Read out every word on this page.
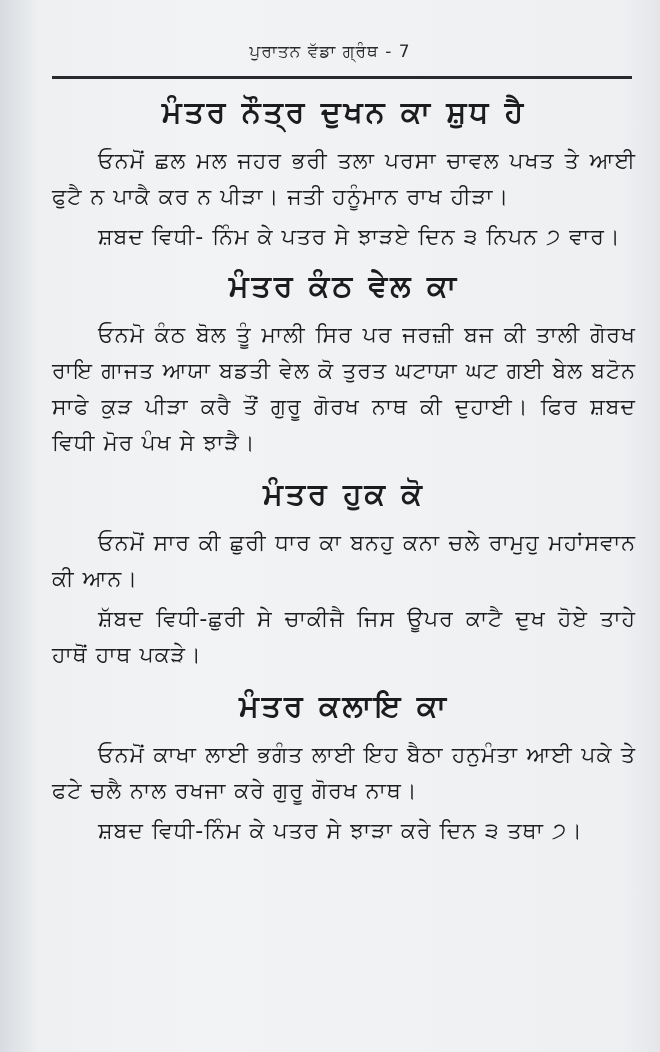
ਪੁਰਾਤਨ ਵੱਡਾ ਗ੍ਰੰਥ - 7
ਮੰਤਰ ਨੌਤ੍ਰ ਦੁਖਨ ਕਾ ਸ਼ੁਧ ਹੈ

ਓਨਮੋਂ ਛਲ ਮਲ ਜਹਰ ਭਰੀ ਤਲਾ ਪਰਸਾ ਚਾਵਲ ਪਖਤ ਤੇ ਆਈ ਫੁਟੈ ਨ ਪਾਕੈ ਕਰ ਨ ਪੀੜਾ। ਜਤੀ ਹਨੂੰਮਾਨ ਰਾਖ ਹੀੜਾ।

ਸ਼ਬਦ ਵਿਧੀ- ਨਿੰਮ ਕੇ ਪਤਰ ਸੇ ਝਾੜਏ ਦਿਨ ੩ ਨਿਪਨ ੭ ਵਾਰ।

ਮੰਤਰ ਕੰਠ ਵੇਲ ਕਾ

ਓਨਮੋ ਕੰਠ ਬੋਲ ਤੂੰ ਮਾਲੀ ਸਿਰ ਪਰ ਜਰਜ਼ੀ ਬਜ ਕੀ ਤਾਲੀ ਗੋਰਖ ਰਾਇ ਗਾਜਤ ਆਯਾ ਬਡਤੀ ਵੇਲ ਕੋ ਤੁਰਤ ਘਟਾਯਾ ਘਟ ਗਈ ਬੇਲ ਬਟੋਨ ਸਾਫੇ ਕੁੜ ਪੀੜਾ ਕਰੈ ਤੌਂ ਗੁਰੂ ਗੋਰਖ ਨਾਥ ਕੀ ਦੁਹਾਈ। ਫਿਰ ਸ਼ਬਦ ਵਿਧੀ ਮੋਰ ਪੰਖ ਸੇ ਝਾੜੈ।

ਮੰਤਰ ਹੁਕ ਕੋ

ਓਨਮੋਂ ਸਾਰ ਕੀ ਛੁਰੀ ਧਾਰ ਕਾ ਬਨਹੁ ਕਨਾ ਚਲੇ ਰਾਮੁਹੁ ਮਹਾਂਸਵਾਨ ਕੀ ਆਨ।

ਸ਼ੱਬਦ ਵਿਧੀ-ਛੁਰੀ ਸੇ ਚਾਕੀਜੈ ਜਿਸ ਊਪਰ ਕਾਟੈ ਦੁਖ ਹੋਏ ਤਾਹੇ ਹਾਥੋਂ ਹਾਥ ਪਕੜੇ।

ਮੰਤਰ ਕਲਾਇ ਕਾ

ਓਨਮੋਂ ਕਾਖਾ ਲਾਈ ਭਗੰਤ ਲਾਈ ਇਹ ਬੈਠਾ ਹਨੁਮੰਤਾ ਆਈ ਪਕੇ ਤੇ ਫਟੇ ਚਲੈ ਨਾਲ ਰਖਜਾ ਕਰੇ ਗੁਰੂ ਗੋਰਖ ਨਾਥ।

ਸ਼ਬਦ ਵਿਧੀ-ਨਿੰਮ ਕੇ ਪਤਰ ਸੇ ਝਾੜਾ ਕਰੇ ਦਿਨ ੩ ਤਥਾ ੭।
